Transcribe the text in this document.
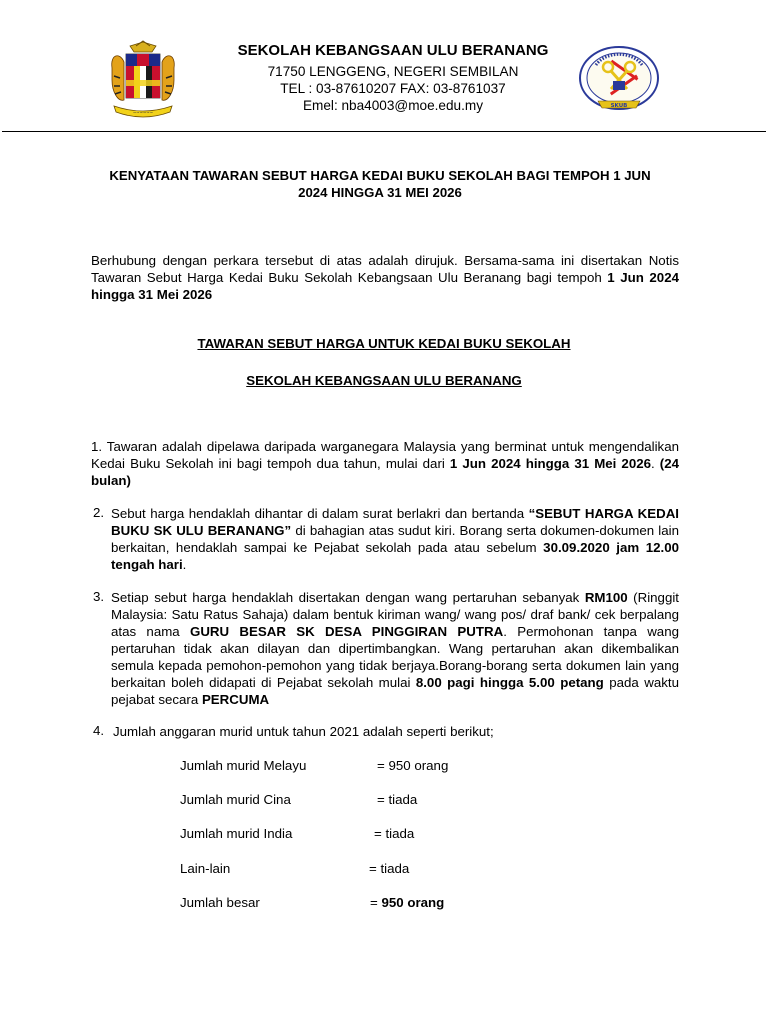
~~~~~~
SEKOLAH KEBANGSAAN ULU BERANANG
71750 LENGGENG, NEGERI SEMBILAN
TEL : 03-87610207 FAX: 03-8761037
Emel: nba4003@moe.edu.my	SKUB
KENYATAAN TAWARAN SEBUT HARGA KEDAI BUKU SEKOLAH BAGI TEMPOH 1 JUN
2024 HINGGA 31 MEI 2026
Berhubung dengan perkara tersebut di atas adalah dirujuk. Bersama-sama ini disertakan Notis Tawaran Sebut Harga Kedai Buku Sekolah Kebangsaan Ulu Beranang bagi tempoh 1 Jun 2024 hingga 31 Mei 2026
TAWARAN SEBUT HARGA UNTUK KEDAI BUKU SEKOLAH
SEKOLAH KEBANGSAAN ULU BERANANG
1. Tawaran adalah dipelawa daripada warganegara Malaysia yang berminat untuk mengendalikan Kedai Buku Sekolah ini bagi tempoh dua tahun, mulai dari 1 Jun 2024 hingga 31 Mei 2026. (24 bulan)
2. Sebut harga hendaklah dihantar di dalam surat berlakri dan bertanda “SEBUT HARGA KEDAI BUKU SK ULU BERANANG” di bahagian atas sudut kiri. Borang serta dokumen-dokumen lain berkaitan, hendaklah sampai ke Pejabat sekolah pada atau sebelum 30.09.2020 jam 12.00 tengah hari.
3. Setiap sebut harga hendaklah disertakan dengan wang pertaruhan sebanyak RM100 (Ringgit Malaysia: Satu Ratus Sahaja) dalam bentuk kiriman wang/ wang pos/ draf bank/ cek berpalang atas nama GURU BESAR SK DESA PINGGIRAN PUTRA. Permohonan tanpa wang pertaruhan tidak akan dilayan dan dipertimbangkan. Wang pertaruhan akan dikembalikan semula kepada pemohon-pemohon yang tidak berjaya.Borang-borang serta dokumen lain yang berkaitan boleh didapati di Pejabat sekolah mulai 8.00 pagi hingga 5.00 petang pada waktu pejabat secara PERCUMA
4. Jumlah anggaran murid untuk tahun 2021 adalah seperti berikut;
Jumlah murid Melayu	= 950 orang
Jumlah murid Cina	= tiada
Jumlah murid India	= tiada
Lain-lain	= tiada
Jumlah besar	= 950 orang
